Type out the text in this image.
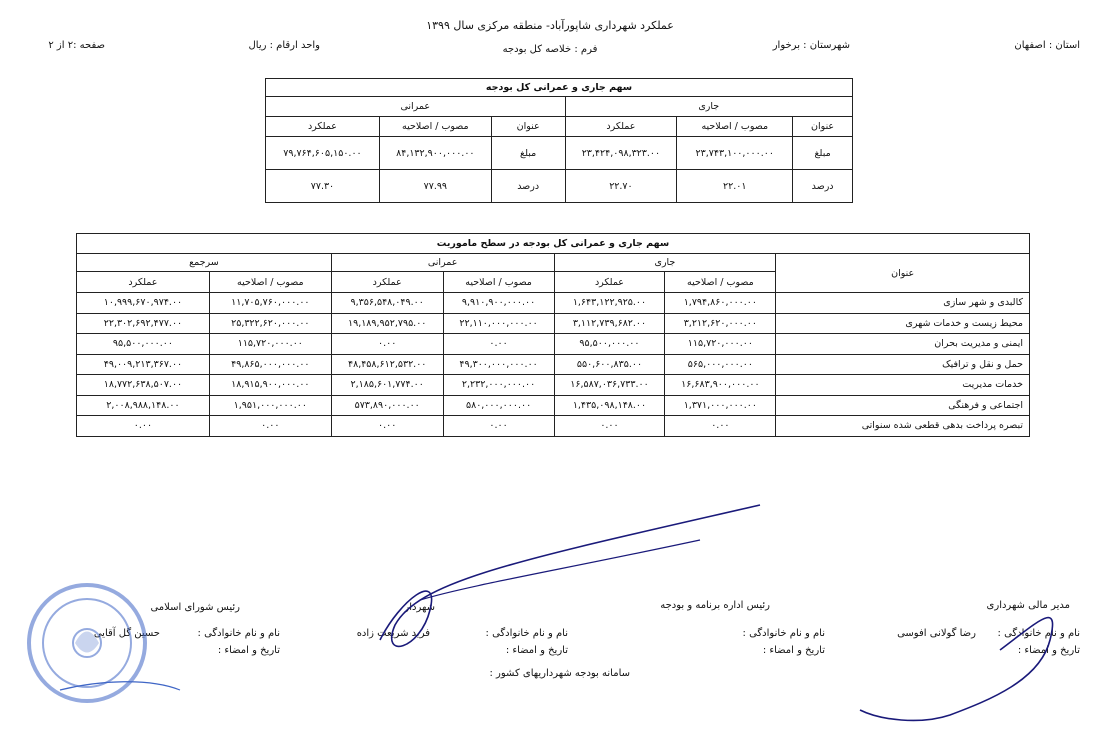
عملکرد شهرداری شاپورآباد- منطقه مرکزی سال ۱۳۹۹
فرم : خلاصه کل بودجه	استان : اصفهان
شهرستان : برخوار
واحد ارقام : ریال
صفحه :۲ از ۲
سهم جاری و عمرانی کل بودجه					
جاری			عمرانی		
عنوان	مصوب / اصلاحیه	عملکرد	عنوان	مصوب / اصلاحیه	عملکرد
مبلغ	۲۳,۷۴۳,۱۰۰,۰۰۰.۰۰	۲۳,۴۲۴,۰۹۸,۳۲۳.۰۰	مبلغ	۸۴,۱۳۲,۹۰۰,۰۰۰.۰۰	۷۹,۷۶۴,۶۰۵,۱۵۰.۰۰
درصد	۲۲.۰۱	۲۲.۷۰	درصد	۷۷.۹۹	۷۷.۳۰
سهم جاری و عمرانی کل بودجه در سطح ماموریت						
عنوان	جاری		عمرانی		سرجمع	
	مصوب / اصلاحیه	عملکرد	مصوب / اصلاحیه	عملکرد	مصوب / اصلاحیه	عملکرد
کالبدی و شهر سازی	۱,۷۹۴,۸۶۰,۰۰۰.۰۰	۱,۶۴۳,۱۲۲,۹۲۵.۰۰	۹,۹۱۰,۹۰۰,۰۰۰.۰۰	۹,۳۵۶,۵۴۸,۰۴۹.۰۰	۱۱,۷۰۵,۷۶۰,۰۰۰.۰۰	۱۰,۹۹۹,۶۷۰,۹۷۴.۰۰
محیط زیست و خدمات شهری	۳,۲۱۲,۶۲۰,۰۰۰.۰۰	۳,۱۱۲,۷۳۹,۶۸۲.۰۰	۲۲,۱۱۰,۰۰۰,۰۰۰.۰۰	۱۹,۱۸۹,۹۵۲,۷۹۵.۰۰	۲۵,۳۲۲,۶۲۰,۰۰۰.۰۰	۲۲,۳۰۲,۶۹۲,۴۷۷.۰۰
ایمنی و مدیریت بحران	۱۱۵,۷۲۰,۰۰۰.۰۰	۹۵,۵۰۰,۰۰۰.۰۰	۰.۰۰	۰.۰۰	۱۱۵,۷۲۰,۰۰۰.۰۰	۹۵,۵۰۰,۰۰۰.۰۰
حمل و نقل و ترافیک	۵۶۵,۰۰۰,۰۰۰.۰۰	۵۵۰,۶۰۰,۸۳۵.۰۰	۴۹,۳۰۰,۰۰۰,۰۰۰.۰۰	۴۸,۴۵۸,۶۱۲,۵۳۲.۰۰	۴۹,۸۶۵,۰۰۰,۰۰۰.۰۰	۴۹,۰۰۹,۲۱۳,۳۶۷.۰۰
خدمات مدیریت	۱۶,۶۸۳,۹۰۰,۰۰۰.۰۰	۱۶,۵۸۷,۰۳۶,۷۳۳.۰۰	۲,۲۳۲,۰۰۰,۰۰۰.۰۰	۲,۱۸۵,۶۰۱,۷۷۴.۰۰	۱۸,۹۱۵,۹۰۰,۰۰۰.۰۰	۱۸,۷۷۲,۶۳۸,۵۰۷.۰۰
اجتماعی و فرهنگی	۱,۳۷۱,۰۰۰,۰۰۰.۰۰	۱,۴۳۵,۰۹۸,۱۴۸.۰۰	۵۸۰,۰۰۰,۰۰۰.۰۰	۵۷۳,۸۹۰,۰۰۰.۰۰	۱,۹۵۱,۰۰۰,۰۰۰.۰۰	۲,۰۰۸,۹۸۸,۱۴۸.۰۰
تبصره پرداخت بدهی قطعی شده سنواتی	۰.۰۰	۰.۰۰	۰.۰۰	۰.۰۰	۰.۰۰	۰.۰۰
مدیر مالی شهرداری
نام و نام خانوادگی :
رضا گولانی افوسی
تاریخ و امضاء :
رئیس اداره برنامه و بودجه
نام و نام خانوادگی :
تاریخ و امضاء :
شهردار
نام و نام خانوادگی :
فرید شریعت زاده
تاریخ و امضاء :
رئیس شورای اسلامی
نام و نام خانوادگی :
حسین گل آقایی
تاریخ و امضاء :
سامانه بودجه شهرداریهای کشور :
